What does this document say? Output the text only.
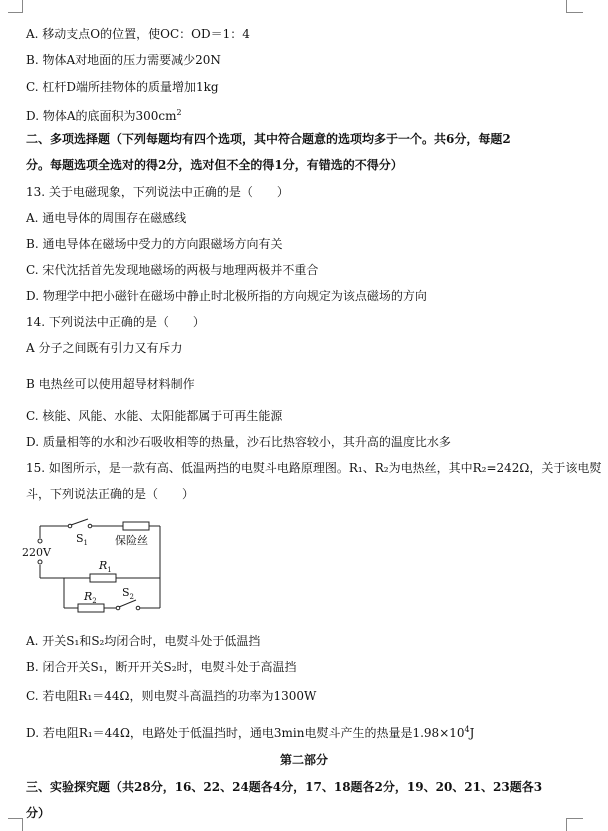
A. 移动支点O的位置，使OC：OD＝1：4
B. 物体A对地面的压力需要减少20N
C. 杠杆D端所挂物体的质量增加1kg
D. 物体A的底面积为$300cm^2$
二、多项选择题（下列每题均有四个选项，其中符合题意的选项均多于一个。共6分，每题2
分。每题选项全选对的得2分，选对但不全的得1分，有错选的不得分）
13. 关于电磁现象，下列说法中正确的是（　　）
A. 通电导体的周围存在磁感线
B. 通电导体在磁场中受力的方向跟磁场方向有关
C. 宋代沈括首先发现地磁场的两极与地理两极并不重合
D. 物理学中把小磁针在磁场中静止时北极所指的方向规定为该点磁场的方向
14. 下列说法中正确的是（　　）
A 分子之间既有引力又有斥力
B 电热丝可以使用超导材料制作
C. 核能、风能、水能、太阳能都属于可再生能源
D. 质量相等的水和沙石吸收相等的热量，沙石比热容较小，其升高的温度比水多
15. 如图所示，是一款有高、低温两挡的电熨斗电路原理图。R₁、R₂为电热丝，其中R₂=242Ω，关于该电熨
斗，下列说法正确的是（　　）
220V
$S_1$ 保险丝
$R_1$
$R_2$
$S_2$
A. 开关S₁和S₂均闭合时，电熨斗处于低温挡
B. 闭合开关S₁，断开开关S₂时，电熨斗处于高温挡
C. 若电阻R₁＝44Ω，则电熨斗高温挡的功率为1300W
D. 若电阻R₁＝44Ω，电路处于低温挡时，通电3min电熨斗产生的热量是$1.98\times 10^4J$
第二部分
三、实验探究题（共28分，16、22、24题各4分，17、18题各2分，19、20、21、23题各3
分）
